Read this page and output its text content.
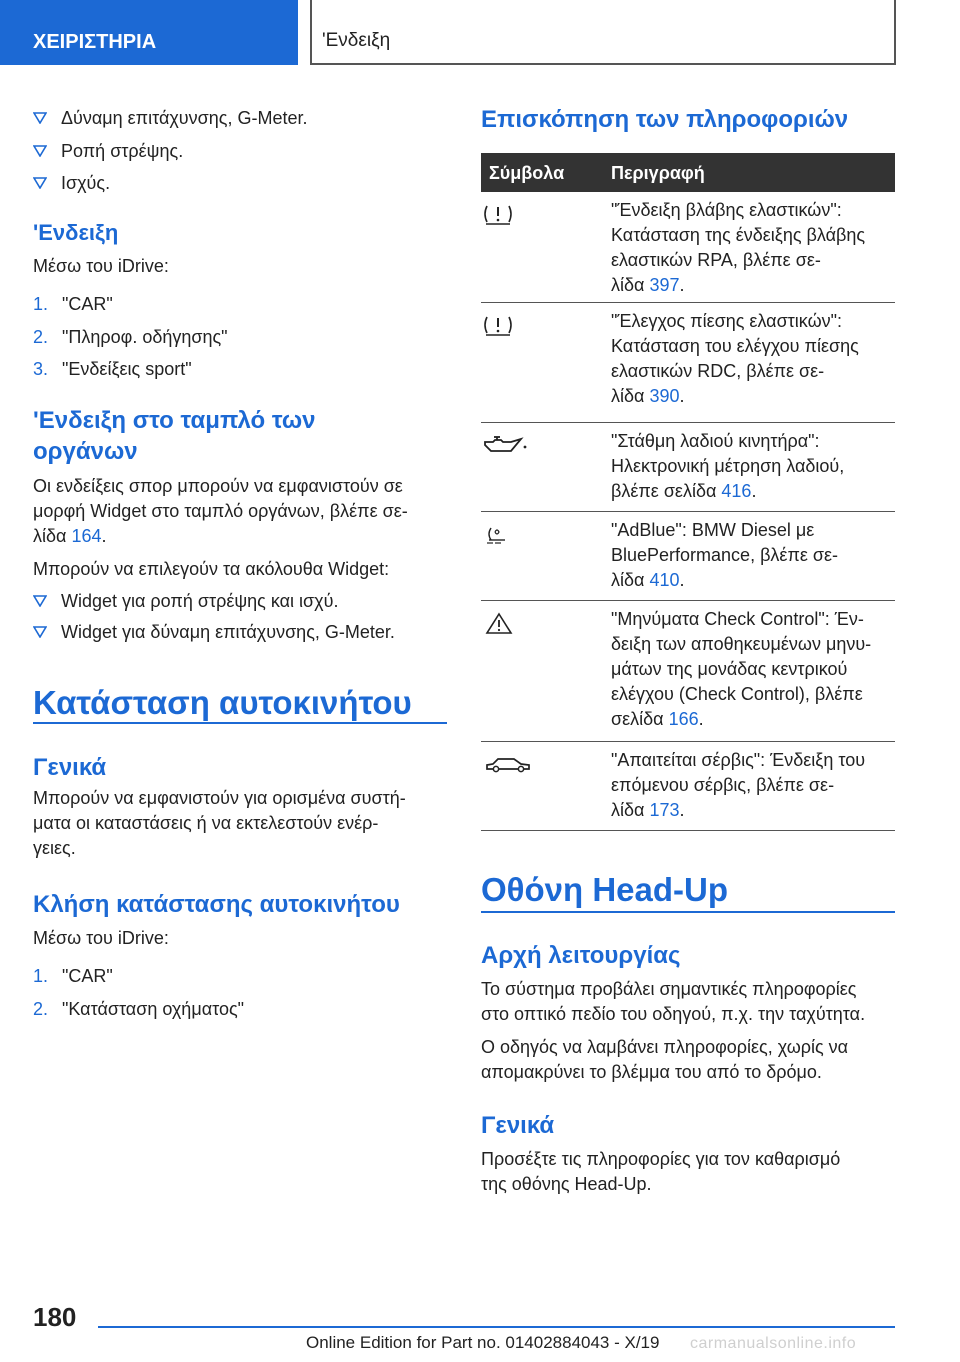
ΧΕΙΡΙΣΤΗΡΙΑ	'Ενδειξη
Δύναμη επιτάχυνσης, G-Meter.
Ροπή στρέψης.
Ισχύς.
'Ενδειξη
Μέσω του iDrive:
1. "CAR"
2. "Πληροφ. οδήγησης"
3. "Ενδείξεις sport"
'Ενδειξη στο ταμπλό των
οργάνων
Οι ενδείξεις σπορ μπορούν να εμφανιστούν σε
μορφή Widget στο ταμπλό οργάνων, βλέπε σε-
λίδα 164.
Μπορούν να επιλεγούν τα ακόλουθα Widget:
Widget για ροπή στρέψης και ισχύ.
Widget για δύναμη επιτάχυνσης, G-Meter.
Κατάσταση αυτοκινήτου
Γενικά
Μπορούν να εμφανιστούν για ορισμένα συστή-
ματα οι καταστάσεις ή να εκτελεστούν ενέρ-
γειες.
Κλήση κατάστασης αυτοκινήτου
Μέσω του iDrive:
1. "CAR"
2. "Κατάσταση οχήματος"
Επισκόπηση των πληροφοριών
Σύμβολα	Περιγραφή
"Ένδειξη βλάβης ελαστικών":
Κατάσταση της ένδειξης βλάβης
ελαστικών RPA, βλέπε σε-
λίδα 397.
"Έλεγχος πίεσης ελαστικών":
Κατάσταση του ελέγχου πίεσης
ελαστικών RDC, βλέπε σε-
λίδα 390.
"Στάθμη λαδιού κινητήρα":
Ηλεκτρονική μέτρηση λαδιού,
βλέπε σελίδα 416.
"AdBlue": BMW Diesel με
BluePerformance, βλέπε σε-
λίδα 410.
"Μηνύματα Check Control": Έν-
δειξη των αποθηκευμένων μηνυ-
μάτων της μονάδας κεντρικού
ελέγχου (Check Control), βλέπε
σελίδα 166.
"Απαιτείται σέρβις": Ένδειξη του
επόμενου σέρβις, βλέπε σε-
λίδα 173.
Οθόνη Head-Up
Αρχή λειτουργίας
Το σύστημα προβάλει σημαντικές πληροφορίες
στο οπτικό πεδίο του οδηγού, π.χ. την ταχύτητα.
Ο οδηγός να λαμβάνει πληροφορίες, χωρίς να
απομακρύνει το βλέμμα του από το δρόμο.
Γενικά
Προσέξτε τις πληροφορίες για τον καθαρισμό
της οθόνης Head-Up.
180
Online Edition for Part no. 01402884043 - X/19 carmanualsonline.info
